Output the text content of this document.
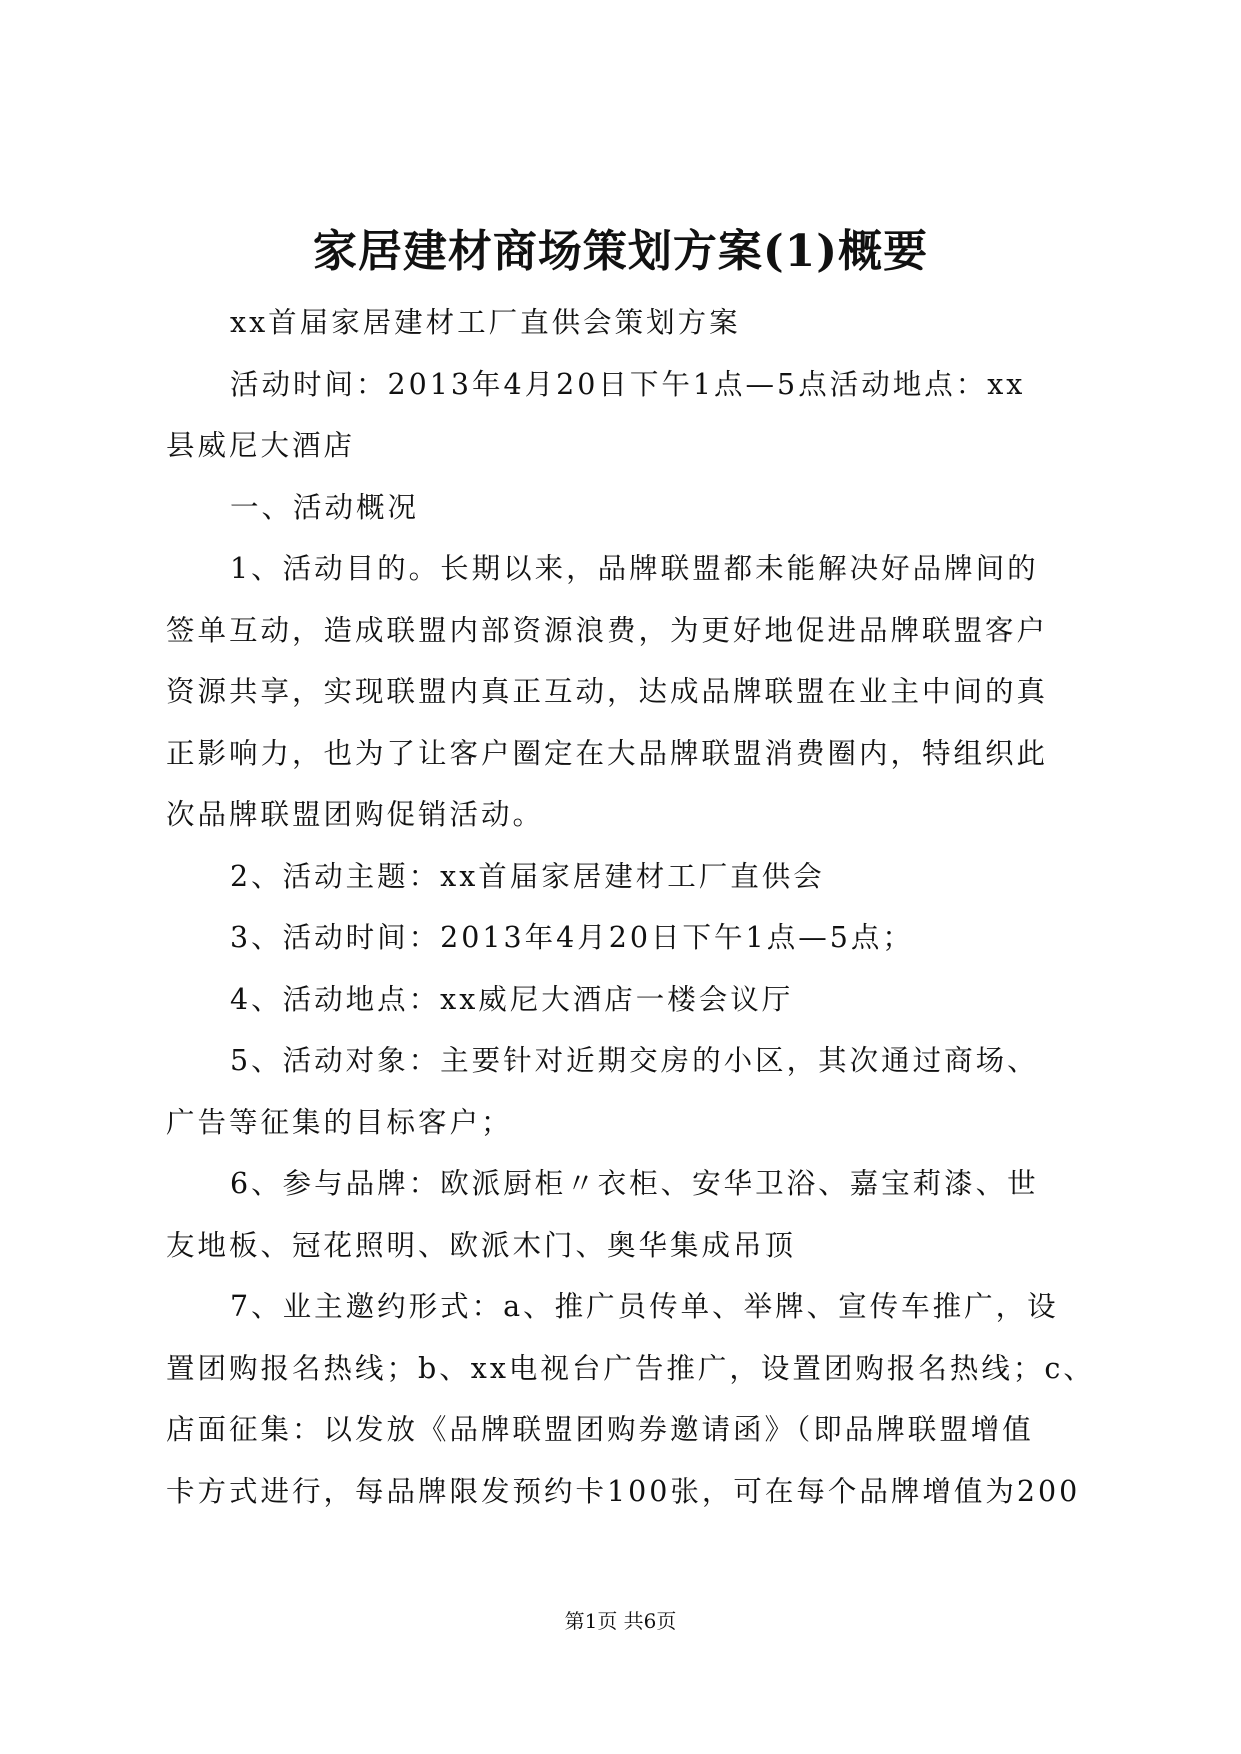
家居建材商场策划方案(1)概要
xx首届家居建材工厂直供会策划方案
活动时间：2013年4月20日下午1点—5点活动地点：xx
县威尼大酒店
一、活动概况
1、活动目的。长期以来，品牌联盟都未能解决好品牌间的
签单互动，造成联盟内部资源浪费，为更好地促进品牌联盟客户
资源共享，实现联盟内真正互动，达成品牌联盟在业主中间的真
正影响力，也为了让客户圈定在大品牌联盟消费圈内，特组织此
次品牌联盟团购促销活动。
2、活动主题：xx首届家居建材工厂直供会
3、活动时间：2013年4月20日下午1点—5点；
4、活动地点：xx威尼大酒店一楼会议厅
5、活动对象：主要针对近期交房的小区，其次通过商场、
广告等征集的目标客户；
6、参与品牌：欧派厨柜〃衣柜、安华卫浴、嘉宝莉漆、世
友地板、冠花照明、欧派木门、奥华集成吊顶
7、业主邀约形式：a、推广员传单、举牌、宣传车推广，设
置团购报名热线；b、xx电视台广告推广，设置团购报名热线；c、
店面征集：以发放《品牌联盟团购券邀请函》（即品牌联盟增值
卡方式进行，每品牌限发预约卡100张，可在每个品牌增值为200
第1页 共6页
